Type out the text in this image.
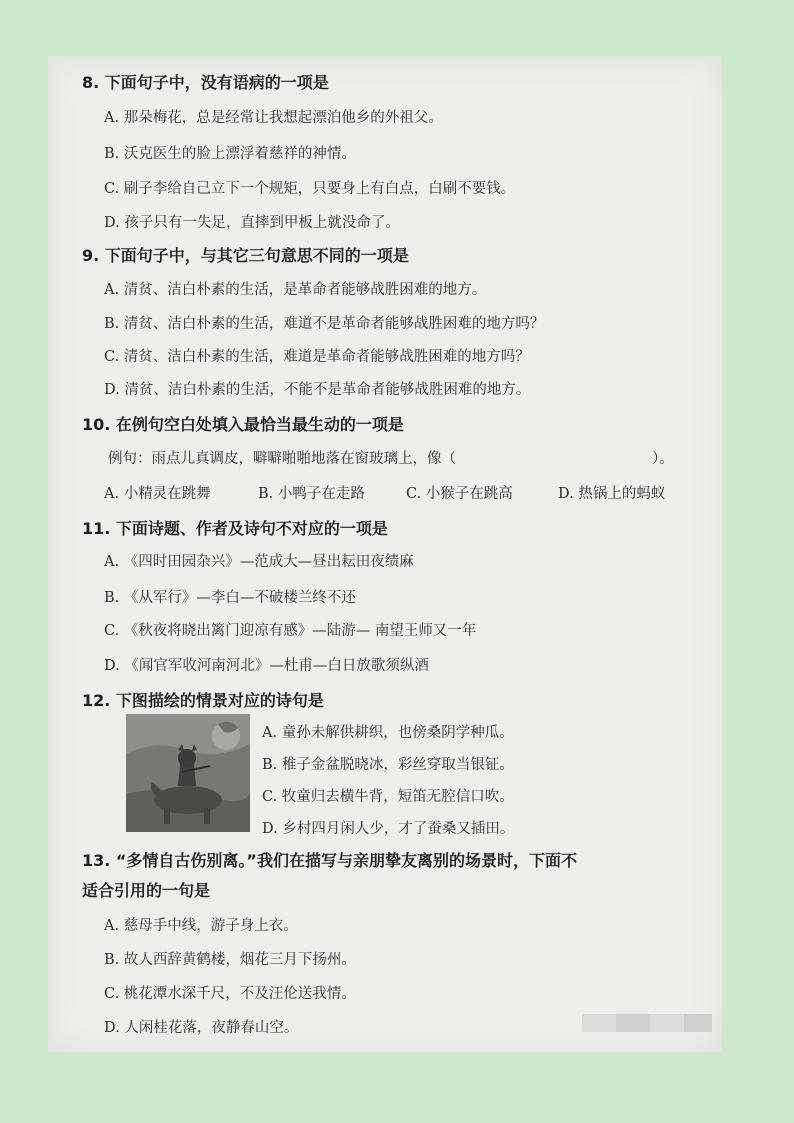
8. 下面句子中，没有语病的一项是
A. 那朵梅花，总是经常让我想起漂泊他乡的外祖父。
B. 沃克医生的脸上漂浮着慈祥的神情。
C. 刷子李给自己立下一个规矩，只要身上有白点，白刷不要钱。
D. 孩子只有一失足，直摔到甲板上就没命了。
9. 下面句子中，与其它三句意思不同的一项是
A. 清贫、洁白朴素的生活，是革命者能够战胜困难的地方。
B. 清贫、洁白朴素的生活，难道不是革命者能够战胜困难的地方吗？
C. 清贫、洁白朴素的生活，难道是革命者能够战胜困难的地方吗？
D. 清贫、洁白朴素的生活，不能不是革命者能够战胜困难的地方。
10. 在例句空白处填入最恰当最生动的一项是
例句：雨点儿真调皮，噼噼啪啪地落在窗玻璃上，像（	）。
A. 小精灵在跳舞	B. 小鸭子在走路	C. 小猴子在跳高	D. 热锅上的蚂蚁
11. 下面诗题、作者及诗句不对应的一项是
A. 《四时田园杂兴》—范成大—昼出耘田夜绩麻
B. 《从军行》—李白—不破楼兰终不还
C. 《秋夜将晓出篱门迎凉有感》—陆游— 南望王师又一年
D. 《闻官军收河南河北》—杜甫—白日放歌须纵酒
12. 下图描绘的情景对应的诗句是
A. 童孙未解供耕织，也傍桑阴学种瓜。
B. 稚子金盆脱晓冰，彩丝穿取当银钲。
C. 牧童归去横牛背，短笛无腔信口吹。
D. 乡村四月闲人少，才了蚕桑又插田。
13. “多情自古伤别离。”我们在描写与亲朋挚友离别的场景时，下面不
适合引用的一句是
A. 慈母手中线，游子身上衣。
B. 故人西辞黄鹤楼，烟花三月下扬州。
C. 桃花潭水深千尺，不及汪伦送我情。
D. 人闲桂花落，夜静春山空。
